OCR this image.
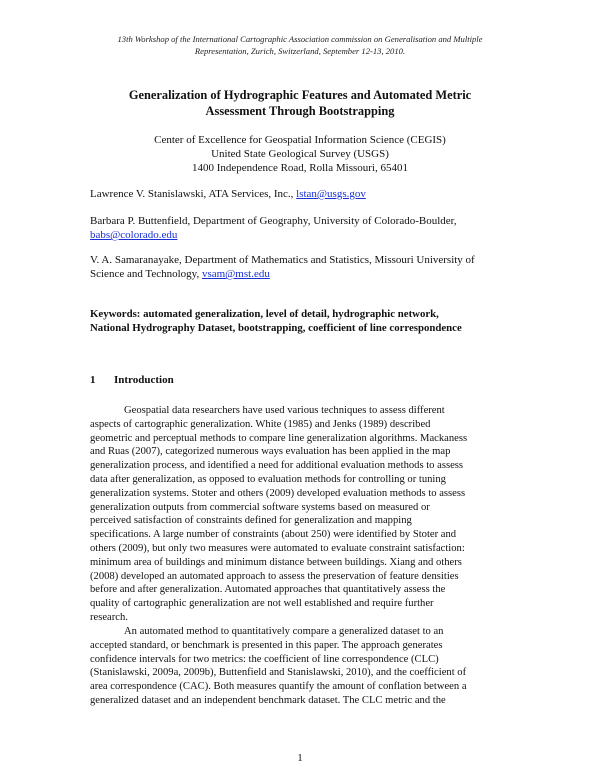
13th Workshop of the International Cartographic Association commission on Generalisation and Multiple
Representation, Zurich, Switzerland, September 12-13, 2010.
Generalization of Hydrographic Features and Automated Metric
Assessment Through Bootstrapping
Center of Excellence for Geospatial Information Science (CEGIS)
United State Geological Survey (USGS)
1400 Independence Road, Rolla Missouri, 65401
Lawrence V. Stanislawski, ATA Services, Inc., lstan@usgs.gov
Barbara P. Buttenfield, Department of Geography, University of Colorado-Boulder,
babs@colorado.edu
V. A. Samaranayake, Department of Mathematics and Statistics, Missouri University of
Science and Technology, vsam@mst.edu
Keywords: automated generalization, level of detail, hydrographic network,
National Hydrography Dataset, bootstrapping, coefficient of line correspondence
1 Introduction
Geospatial data researchers have used various techniques to assess different
aspects of cartographic generalization. White (1985) and Jenks (1989) described
geometric and perceptual methods to compare line generalization algorithms. Mackaness
and Ruas (2007), categorized numerous ways evaluation has been applied in the map
generalization process, and identified a need for additional evaluation methods to assess
data after generalization, as opposed to evaluation methods for controlling or tuning
generalization systems. Stoter and others (2009) developed evaluation methods to assess
generalization outputs from commercial software systems based on measured or
perceived satisfaction of constraints defined for generalization and mapping
specifications. A large number of constraints (about 250) were identified by Stoter and
others (2009), but only two measures were automated to evaluate constraint satisfaction:
minimum area of buildings and minimum distance between buildings. Xiang and others
(2008) developed an automated approach to assess the preservation of feature densities
before and after generalization. Automated approaches that quantitatively assess the
quality of cartographic generalization are not well established and require further
research.
An automated method to quantitatively compare a generalized dataset to an
accepted standard, or benchmark is presented in this paper. The approach generates
confidence intervals for two metrics: the coefficient of line correspondence (CLC)
(Stanislawski, 2009a, 2009b), Buttenfield and Stanislawski, 2010), and the coefficient of
area correspondence (CAC). Both measures quantify the amount of conflation between a
generalized dataset and an independent benchmark dataset. The CLC metric and the
1
